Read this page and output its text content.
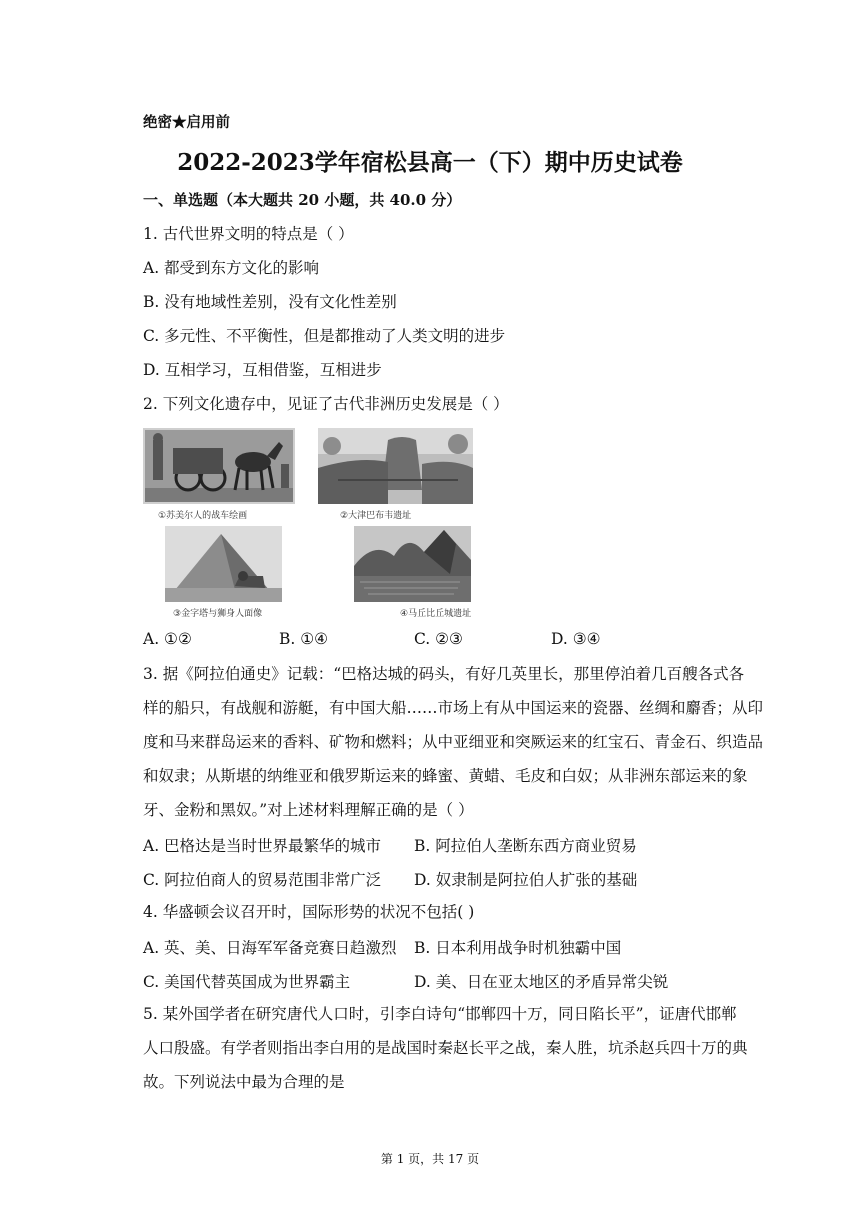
绝密★启用前
2022-2023学年宿松县高一（下）期中历史试卷
一、单选题（本大题共 20 小题，共 40.0 分）
1. 古代世界文明的特点是（ ）
A. 都受到东方文化的影响
B. 没有地域性差别，没有文化性差别
C. 多元性、不平衡性，但是都推动了人类文明的进步
D. 互相学习，互相借鉴，互相进步
2. 下列文化遗存中，见证了古代非洲历史发展是（ ）
①苏美尔人的战车绘画	②大津巴布韦遗址
③金字塔与狮身人面像	④马丘比丘城遗址
A. ①②	B. ①④	C. ②③	D. ③④
3. 据《阿拉伯通史》记载：“巴格达城的码头，有好几英里长，那里停泊着几百艘各式各
样的船只，有战舰和游艇，有中国大船……市场上有从中国运来的瓷器、丝绸和麝香；从印
度和马来群岛运来的香料、矿物和燃料；从中亚细亚和突厥运来的红宝石、青金石、织造品
和奴隶；从斯堪的纳维亚和俄罗斯运来的蜂蜜、黄蜡、毛皮和白奴；从非洲东部运来的象
牙、金粉和黑奴。”对上述材料理解正确的是（ ）
A. 巴格达是当时世界最繁华的城市 B. 阿拉伯人垄断东西方商业贸易
C. 阿拉伯商人的贸易范围非常广泛 D. 奴隶制是阿拉伯人扩张的基础
4. 华盛顿会议召开时，国际形势的状况不包括( )
A. 英、美、日海军军备竞赛日趋激烈 B. 日本利用战争时机独霸中国
C. 美国代替英国成为世界霸主	D. 美、日在亚太地区的矛盾异常尖锐
5. 某外国学者在研究唐代人口时，引李白诗句“邯郸四十万，同日陷长平”，证唐代邯郸
人口殷盛。有学者则指出李白用的是战国时秦赵长平之战，秦人胜，坑杀赵兵四十万的典
故。下列说法中最为合理的是
第 1 页，共 17 页
